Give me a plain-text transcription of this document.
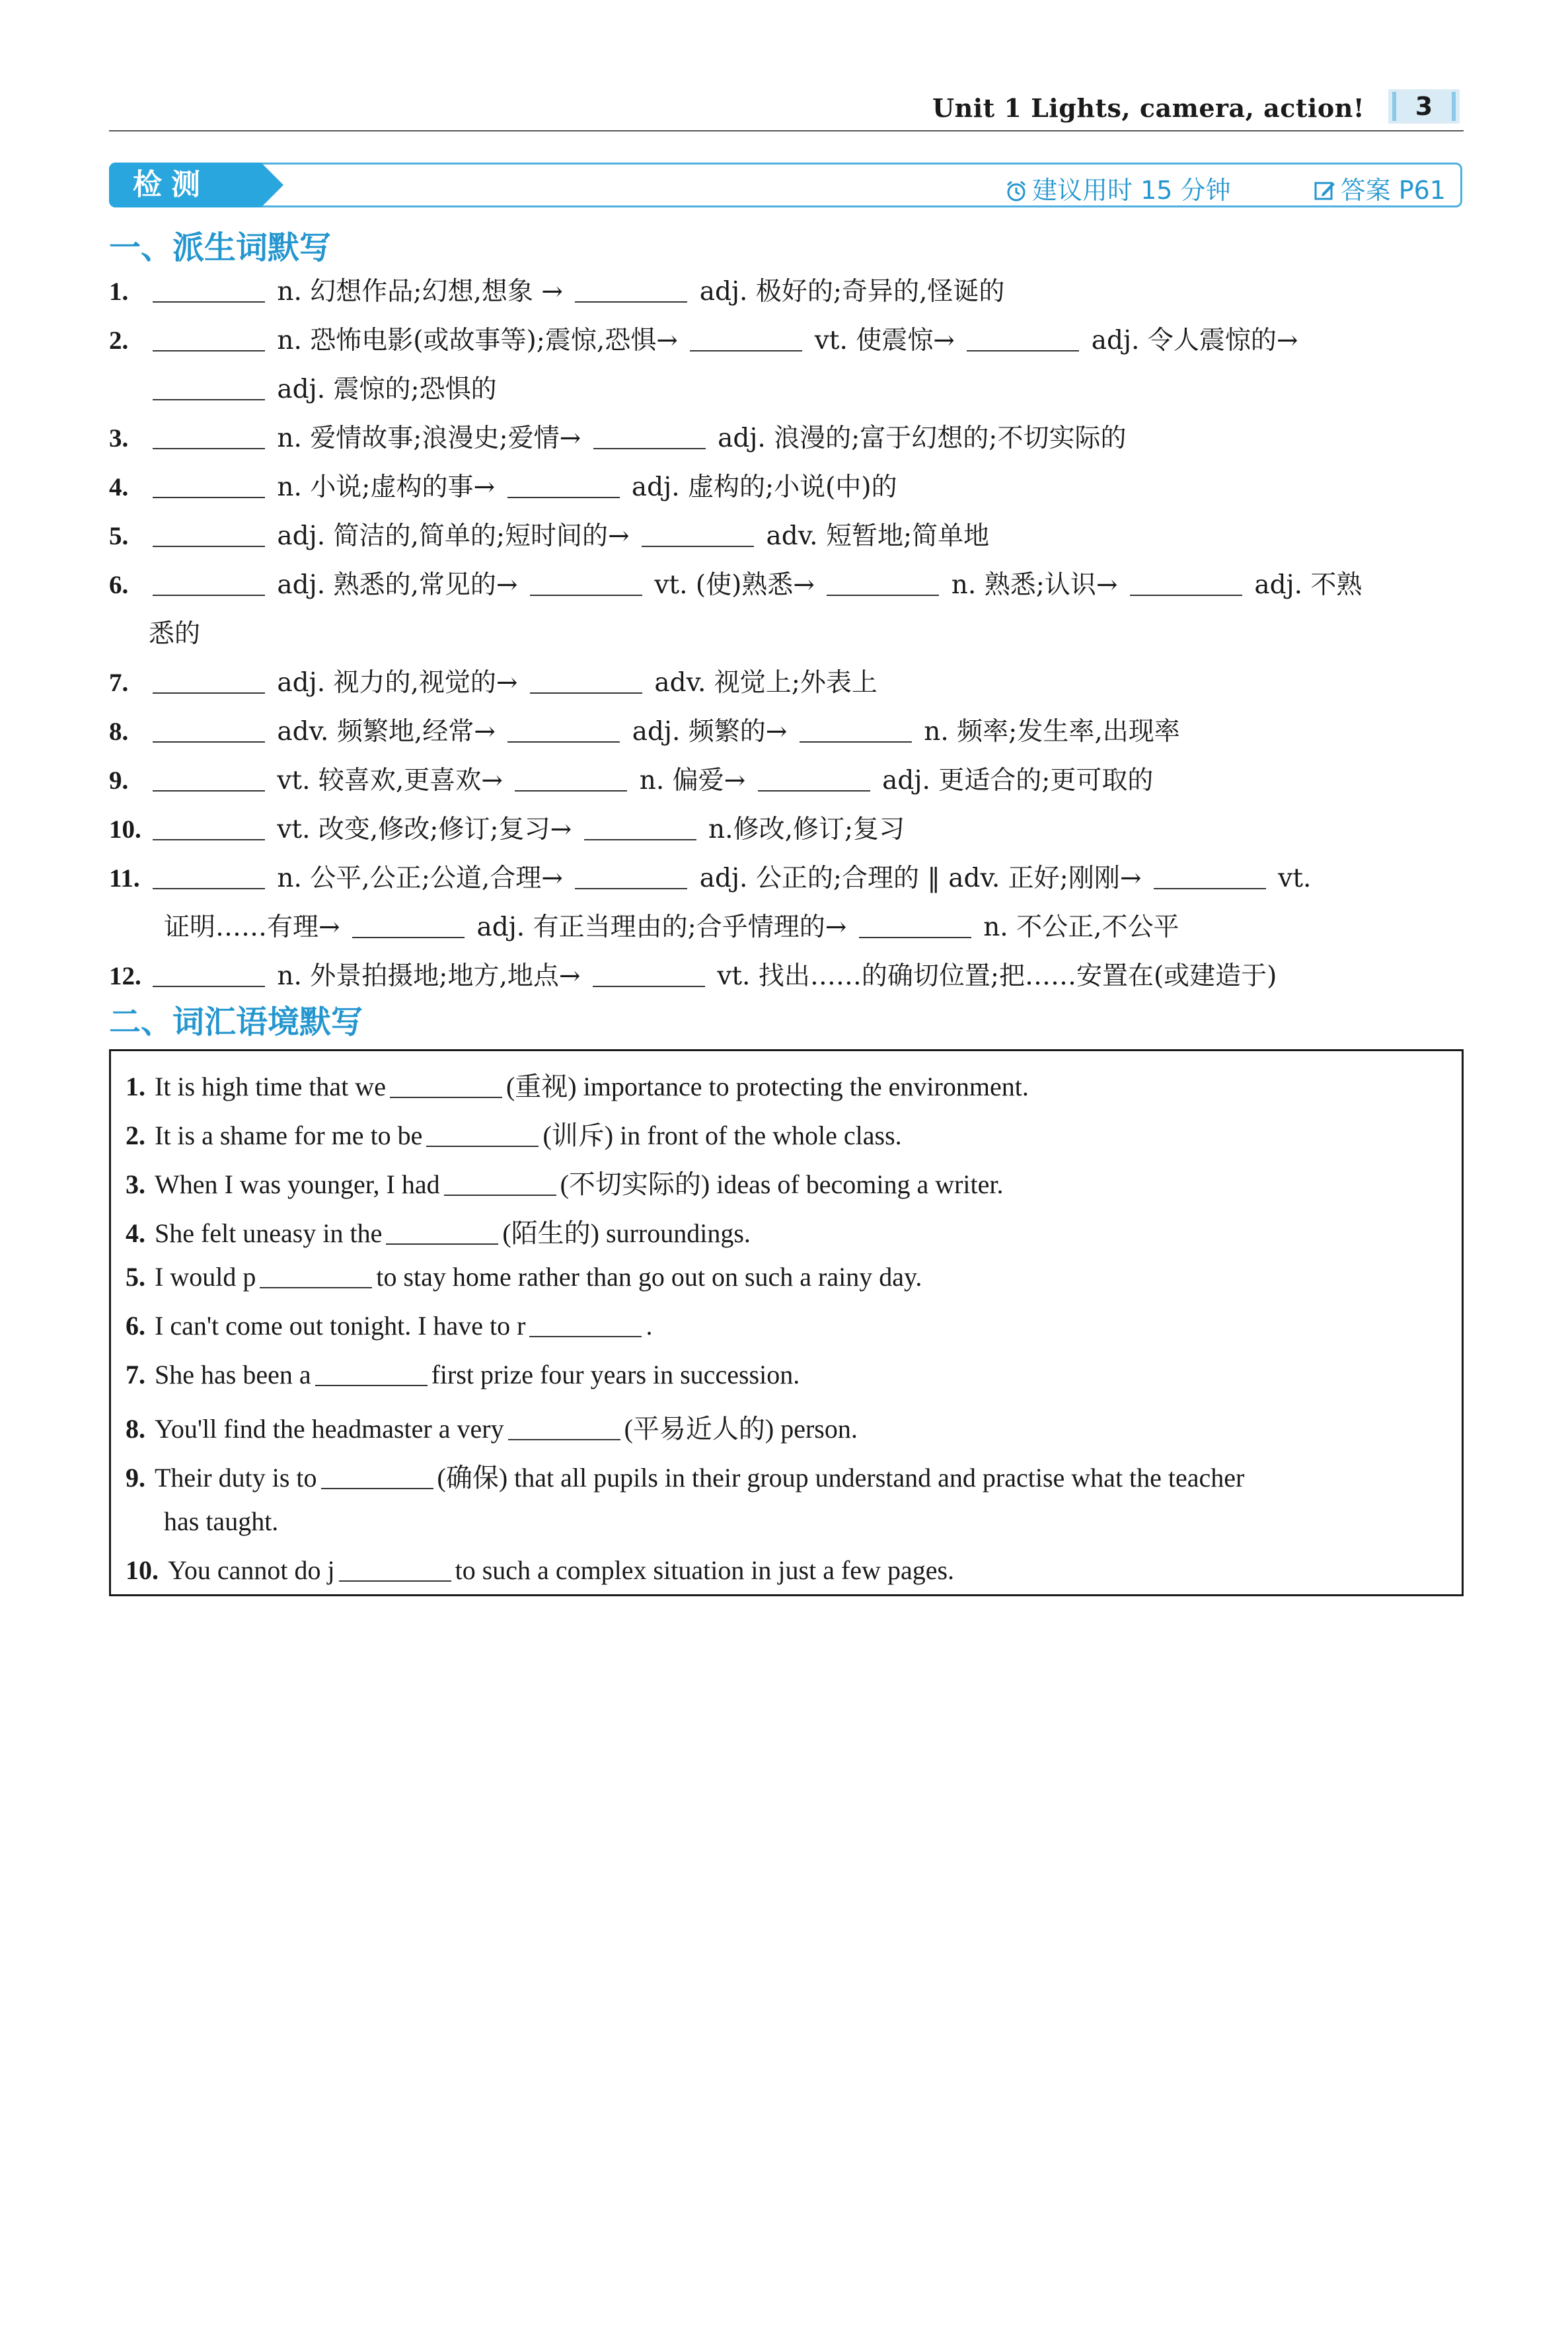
Unit 1 Lights, camera, action!	3
检测	建议用时 15 分钟	答案 P61
一、派生词默写
1.	n. 幻想作品;幻想,想象 →	adj. 极好的;奇异的,怪诞的
2.	n. 恐怖电影(或故事等);震惊,恐惧→	vt. 使震惊→	adj. 令人震惊的→
adj. 震惊的;恐惧的
3.	n. 爱情故事;浪漫史;爱情→	adj. 浪漫的;富于幻想的;不切实际的
4.	n. 小说;虚构的事→	adj. 虚构的;小说(中)的
5.	adj. 简洁的,简单的;短时间的→	adv. 短暂地;简单地
6.	adj. 熟悉的,常见的→	vt. (使)熟悉→	n. 熟悉;认识→	adj. 不熟
悉的
7.	adj. 视力的,视觉的→	adv. 视觉上;外表上
8.	adv. 频繁地,经常→	adj. 频繁的→	n. 频率;发生率,出现率
9.	vt. 较喜欢,更喜欢→	n. 偏爱→	adj. 更适合的;更可取的
10.	vt. 改变,修改;修订;复习→	n.修改,修订;复习
11.	n. 公平,公正;公道,合理→	adj. 公正的;合理的 ‖ adv. 正好;刚刚→	vt.
证明……有理→	adj. 有正当理由的;合乎情理的→	n. 不公正,不公平
12.	n. 外景拍摄地;地方,地点→	vt. 找出……的确切位置;把……安置在(或建造于)
二、词汇语境默写
1. It is high time that we	(重视) importance to protecting the environment.
2. It is a shame for me to be	(训斥) in front of the whole class.
3. When I was younger, I had	(不切实际的) ideas of becoming a writer.
4. She felt uneasy in the	(陌生的) surroundings.
5. I would p	to stay home rather than go out on such a rainy day.
6. I can't come out tonight. I have to r	.
7. She has been a	first prize four years in succession.
8. You'll find the headmaster a very	(平易近人的) person.
9. Their duty is to	(确保) that all pupils in their group understand and practise what the teacher
has taught.
10. You cannot do j	to such a complex situation in just a few pages.
